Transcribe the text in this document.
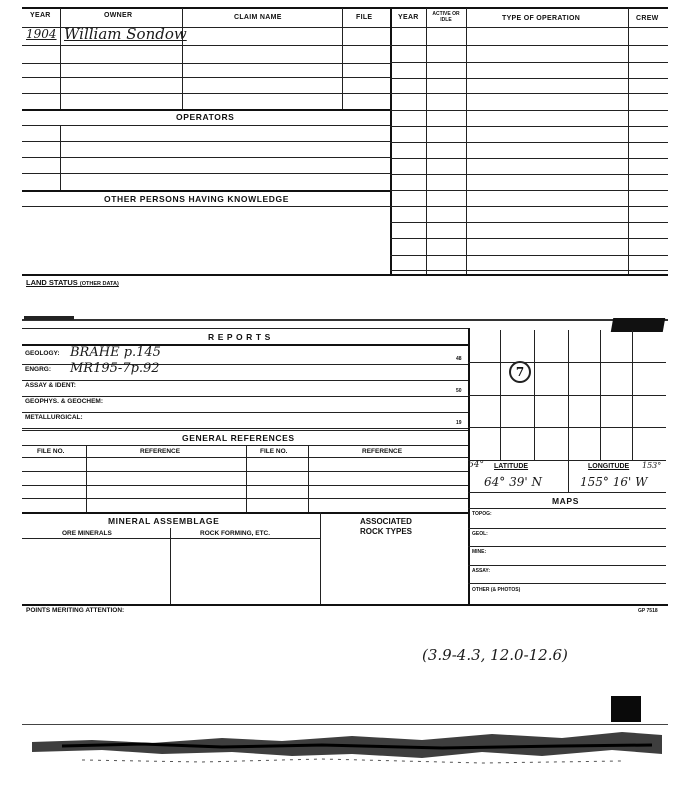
YEAR	OWNER	CLAIM NAME	FILE	YEAR	ACTIVE OR IDLE	TYPE OF OPERATION	CREW
1904 William Sondow
OPERATORS
OTHER PERSONS HAVING KNOWLEDGE
LAND STATUS (OTHER DATA)
R E P O R T S
GEOLOGY: BRAHE p.145	48
ENGRG: MR195-7p.92
ASSAY & IDENT:
50
GEOPHYS. & GEOCHEM:
METALLURGICAL:
19
GENERAL REFERENCES
FILE NO.	REFERENCE	FILE NO.	REFERENCE
MINERAL ASSEMBLAGE
ORE MINERALS	ROCK FORMING, ETC.
ASSOCIATED
ROCK TYPES
7
64° LATITUDE	LONGITUDE 153°
64° 39' N	155° 16' W
MAPS
TOPOG:
GEOL:
MINE:
ASSAY:
OTHER (& PHOTOS)
POINTS MERITING ATTENTION:	GP 7518
(3.9-4.3, 12.0-12.6)
